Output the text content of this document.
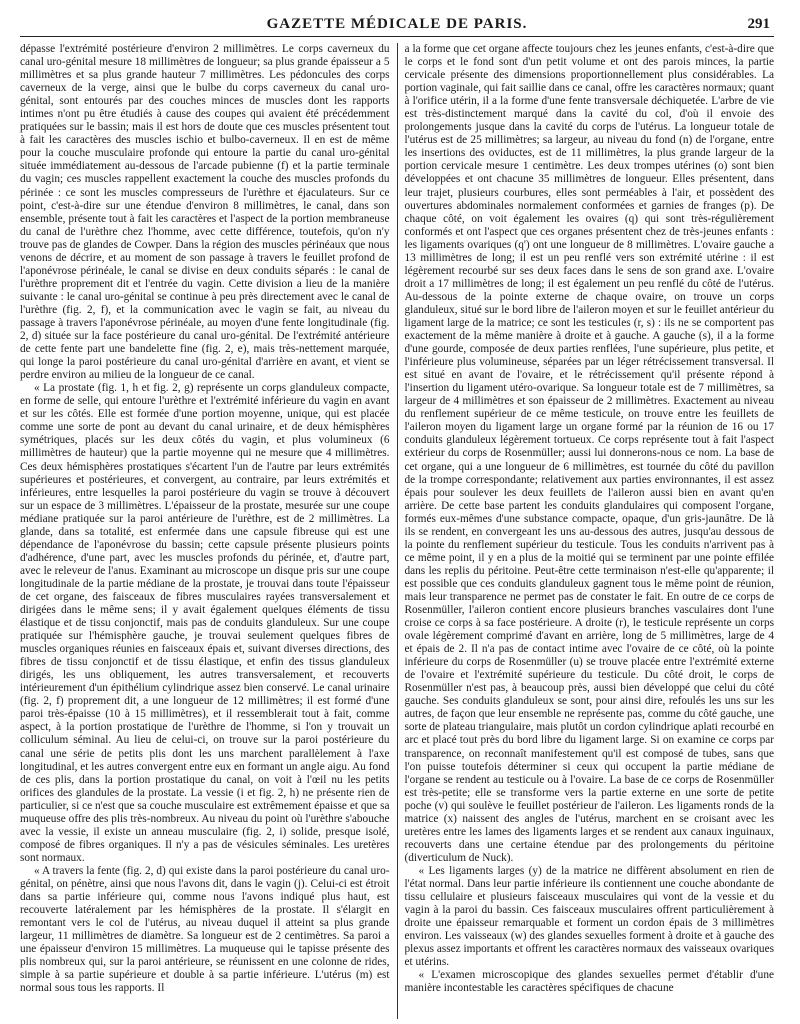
GAZETTE MÉDICALE DE PARIS.	291

dépasse l'extrémité postérieure d'environ 2 millimètres. Le corps caverneux du canal uro-génital mesure 18 millimètres de longueur; sa plus grande épaisseur a 5 millimètres et sa plus grande hauteur 7 millimètres. Les pédoncules des corps caverneux de la verge, ainsi que le bulbe du corps caverneux du canal uro-génital, sont entourés par des couches minces de muscles dont les rapports intimes n'ont pu être étudiés à cause des coupes qui avaient été précédemment pratiquées sur le bassin; mais il est hors de doute que ces muscles présentent tout à fait les caractères des muscles ischio et bulbo-caverneux. Il en est de même pour la couche musculaire profonde qui entoure la partie du canal uro-génital située immédiatement au-dessous de l'arcade pubienne (f) et la partie terminale du vagin; ces muscles rappellent exactement la couche des muscles profonds du périnée : ce sont les muscles compresseurs de l'urèthre et éjaculateurs. Sur ce point, c'est-à-dire sur une étendue d'environ 8 millimètres, le canal, dans son ensemble, présente tout à fait les caractères et l'aspect de la portion membraneuse du canal de l'urèthre chez l'homme, avec cette différence, toutefois, qu'on n'y trouve pas de glandes de Cowper. Dans la région des muscles périnéaux que nous venons de décrire, et au moment de son passage à travers le feuillet profond de l'aponévrose périnéale, le canal se divise en deux conduits séparés : le canal de l'urèthre proprement dit et l'entrée du vagin. Cette division a lieu de la manière suivante : le canal uro-génital se continue à peu près directement avec le canal de l'urèthre (fig. 2, f), et la communication avec le vagin se fait, au niveau du passage à travers l'aponévrose périnéale, au moyen d'une fente longitudinale (fig. 2, d) située sur la face postérieure du canal uro-génital. De l'extrémité antérieure de cette fente part une bandelette fine (fig. 2, e), mais très-nettement marquée, qui longe la paroi postérieure du canal uro-génital d'arrière en avant, et vient se perdre environ au milieu de la longueur de ce canal.

« La prostate (fig. 1, h et fig. 2, g) représente un corps glanduleux compacte, en forme de selle, qui entoure l'urèthre et l'extrémité inférieure du vagin en avant et sur les côtés. Elle est formée d'une portion moyenne, unique, qui est placée comme une sorte de pont au devant du canal urinaire, et de deux hémisphères symétriques, placés sur les deux côtés du vagin, et plus volumineux (6 millimètres de hauteur) que la partie moyenne qui ne mesure que 4 millimètres. Ces deux hémisphères prostatiques s'écartent l'un de l'autre par leurs extrémités supérieures et postérieures, et convergent, au contraire, par leurs extrémités et inférieures, entre lesquelles la paroi postérieure du vagin se trouve à découvert sur un espace de 3 millimètres. L'épaisseur de la prostate, mesurée sur une coupe médiane pratiquée sur la paroi antérieure de l'urèthre, est de 2 millimètres. La glande, dans sa totalité, est enfermée dans une capsule fibreuse qui est une dépendance de l'aponévrose du bassin; cette capsule présente plusieurs points d'adhérence, d'une part, avec les muscles profonds du périnée, et, d'autre part, avec le releveur de l'anus. Examinant au microscope un disque pris sur une coupe longitudinale de la partie médiane de la prostate, je trouvai dans toute l'épaisseur de cet organe, des faisceaux de fibres musculaires rayées transversalement et dirigées dans le même sens; il y avait également quelques éléments de tissu élastique et de tissu conjonctif, mais pas de conduits glanduleux. Sur une coupe pratiquée sur l'hémisphère gauche, je trouvai seulement quelques fibres de muscles organiques réunies en faisceaux épais et, suivant diverses directions, des fibres de tissu conjonctif et de tissu élastique, et enfin des tissus glanduleux dirigés, les uns obliquement, les autres transversalement, et recouverts intérieurement d'un épithélium cylindrique assez bien conservé. Le canal urinaire (fig. 2, f) proprement dit, a une longueur de 12 millimètres; il est formé d'une paroi très-épaisse (10 à 15 millimètres), et il ressemblerait tout à fait, comme aspect, à la portion prostatique de l'urèthre de l'homme, si l'on y trouvait un colliculum séminal. Au lieu de celui-ci, on trouve sur la paroi postérieure du canal une série de petits plis dont les uns marchent parallèlement à l'axe longitudinal, et les autres convergent entre eux en formant un angle aigu. Au fond de ces plis, dans la portion prostatique du canal, on voit à l'œil nu les petits orifices des glandules de la prostate. La vessie (i et fig. 2, h) ne présente rien de particulier, si ce n'est que sa couche musculaire est extrêmement épaisse et que sa muqueuse offre des plis très-nombreux. Au niveau du point où l'urèthre s'abouche avec la vessie, il existe un anneau musculaire (fig. 2, i) solide, presque isolé, composé de fibres organiques. Il n'y a pas de vésicules séminales. Les uretères sont normaux.

« A travers la fente (fig. 2, d) qui existe dans la paroi postérieure du canal uro-génital, on pénètre, ainsi que nous l'avons dit, dans le vagin (j). Celui-ci est étroit dans sa partie inférieure qui, comme nous l'avons indiqué plus haut, est recouverte latéralement par les hémisphères de la prostate. Il s'élargit en remontant vers le col de l'utérus, au niveau duquel il atteint sa plus grande largeur, 11 millimètres de diamètre. Sa longueur est de 2 centimètres. Sa paroi a une épaisseur d'environ 15 millimètres. La muqueuse qui le tapisse présente des plis nombreux qui, sur la paroi antérieure, se réunissent en une colonne de rides, simple à sa partie supérieure et double à sa partie inférieure. L'utérus (m) est normal sous tous les rapports. Il

a la forme que cet organe affecte toujours chez les jeunes enfants, c'est-à-dire que le corps et le fond sont d'un petit volume et ont des parois minces, la partie cervicale présente des dimensions proportionnellement plus considérables. La portion vaginale, qui fait saillie dans ce canal, offre les caractères normaux; quant à l'orifice utérin, il a la forme d'une fente transversale déchiquetée. L'arbre de vie est très-distinctement marqué dans la cavité du col, d'où il envoie des prolongements jusque dans la cavité du corps de l'utérus. La longueur totale de l'utérus est de 25 millimètres; sa largeur, au niveau du fond (n) de l'organe, entre les insertions des oviductes, est de 11 millimètres, la plus grande largeur de la portion cervicale mesure 1 centimètre. Les deux trompes utérines (o) sont bien développées et ont chacune 35 millimètres de longueur. Elles présentent, dans leur trajet, plusieurs courbures, elles sont perméables à l'air, et possèdent des ouvertures abdominales normalement conformées et garnies de franges (p). De chaque côté, on voit également les ovaires (q) qui sont très-régulièrement conformés et ont l'aspect que ces organes présentent chez de très-jeunes enfants : les ligaments ovariques (q') ont une longueur de 8 millimètres. L'ovaire gauche a 13 millimètres de long; il est un peu renflé vers son extrémité utérine : il est légèrement recourbé sur ses deux faces dans le sens de son grand axe. L'ovaire droit a 17 millimètres de long; il est également un peu renflé du côté de l'utérus. Au-dessous de la pointe externe de chaque ovaire, on trouve un corps glanduleux, situé sur le bord libre de l'aileron moyen et sur le feuillet antérieur du ligament large de la matrice; ce sont les testicules (r, s) : ils ne se comportent pas exactement de la même manière à droite et à gauche. A gauche (s), il a la forme d'une gourde, composée de deux parties renflées, l'une supérieure, plus petite, et l'inférieure plus volumineuse, séparées par un léger rétrécissement transversal. Il est situé en avant de l'ovaire, et le rétrécissement qu'il présente répond à l'insertion du ligament utéro-ovarique. Sa longueur totale est de 7 millimètres, sa largeur de 4 millimètres et son épaisseur de 2 millimètres. Exactement au niveau du renflement supérieur de ce même testicule, on trouve entre les feuillets de l'aileron moyen du ligament large un organe formé par la réunion de 16 ou 17 conduits glanduleux légèrement tortueux. Ce corps représente tout à fait l'aspect extérieur du corps de Rosenmüller; aussi lui donnerons-nous ce nom. La base de cet organe, qui a une longueur de 6 millimètres, est tournée du côté du pavillon de la trompe correspondante; relativement aux parties environnantes, il est assez épais pour soulever les deux feuillets de l'aileron aussi bien en avant qu'en arrière. De cette base partent les conduits glandulaires qui composent l'organe, formés eux-mêmes d'une substance compacte, opaque, d'un gris-jaunâtre. De là ils se rendent, en convergeant les uns au-dessous des autres, jusqu'au dessous de la pointe du renflement supérieur du testicule. Tous les conduits n'arrivent pas à ce même point, il y en a plus de la moitié qui se terminent par une pointe effilée dans les replis du péritoine. Peut-être cette terminaison n'est-elle qu'apparente; il est possible que ces conduits glanduleux gagnent tous le même point de réunion, mais leur transparence ne permet pas de constater le fait. En outre de ce corps de Rosenmüller, l'aileron contient encore plusieurs branches vasculaires dont l'une croise ce corps à sa face postérieure. A droite (r), le testicule représente un corps ovale légèrement comprimé d'avant en arrière, long de 5 millimètres, large de 4 et épais de 2. Il n'a pas de contact intime avec l'ovaire de ce côté, où la pointe inférieure du corps de Rosenmüller (u) se trouve placée entre l'extrémité externe de l'ovaire et l'extrémité supérieure du testicule. Du côté droit, le corps de Rosenmüller n'est pas, à beaucoup près, aussi bien développé que celui du côté gauche. Ses conduits glanduleux se sont, pour ainsi dire, refoulés les uns sur les autres, de façon que leur ensemble ne représente pas, comme du côté gauche, une sorte de plateau triangulaire, mais plutôt un cordon cylindrique aplati recourbé en arc et placé tout près du bord libre du ligament large. Si on examine ce corps par transparence, on reconnaît manifestement qu'il est composé de tubes, sans que l'on puisse toutefois déterminer si ceux qui occupent la partie médiane de l'organe se rendent au testicule ou à l'ovaire. La base de ce corps de Rosenmüller est très-petite; elle se transforme vers la partie externe en une sorte de petite poche (v) qui soulève le feuillet postérieur de l'aileron. Les ligaments ronds de la matrice (x) naissent des angles de l'utérus, marchent en se croisant avec les uretères entre les lames des ligaments larges et se rendent aux canaux inguinaux, recouverts dans une certaine étendue par des prolongements du péritoine (diverticulum de Nuck).

« Les ligaments larges (y) de la matrice ne diffèrent absolument en rien de l'état normal. Dans leur partie inférieure ils contiennent une couche abondante de tissu cellulaire et plusieurs faisceaux musculaires qui vont de la vessie et du vagin à la paroi du bassin. Ces faisceaux musculaires offrent particulièrement à droite une épaisseur remarquable et forment un cordon épais de 3 millimètres environ. Les vaisseaux (w) des glandes sexuelles forment à droite et à gauche des plexus assez importants et offrent les caractères normaux des vaisseaux ovariques et utérins.

« L'examen microscopique des glandes sexuelles permet d'établir d'une manière incontestable les caractères spécifiques de chacune
